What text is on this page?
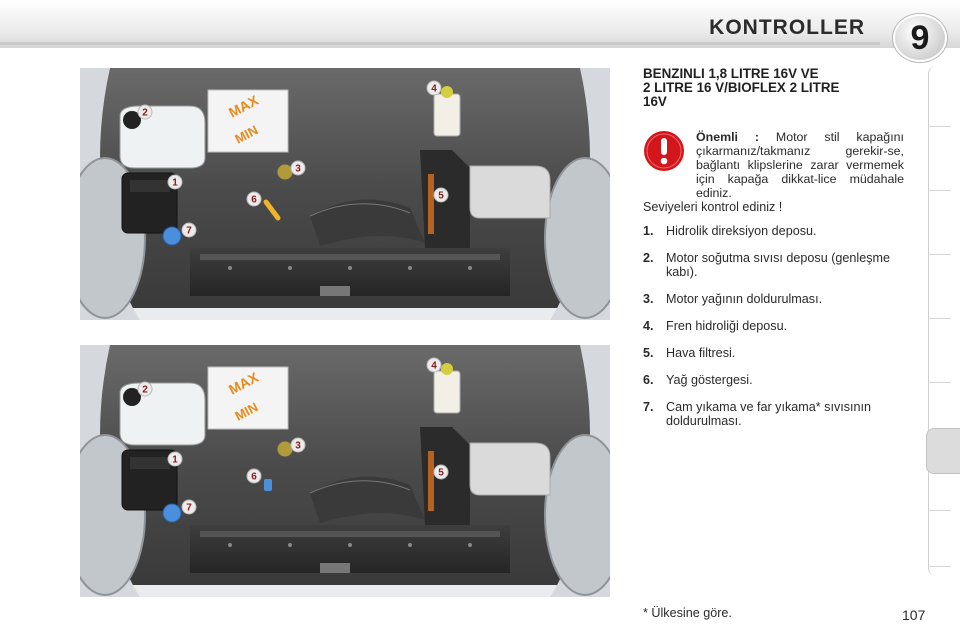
KONTROLLER	9
MAX
MIN
1
2
3
4
5
6
7
MAX
MIN
1
2
3
4
5
6
7
BENZINLI 1,8 LITRE 16V VE
2 LITRE 16 V/BIOFLEX 2 LITRE
16V
Önemli : Motor stil kapağını çıkarmanız/takmanız gerekir-se, bağlantı klipslerine zarar vermemek için kapağa dikkat-lice müdahale ediniz.
Seviyeleri kontrol ediniz !
1. Hidrolik direksiyon deposu.
2. Motor soğutma sıvısı deposu (genleşme kabı).
3. Motor yağının doldurulması.
4. Fren hidroliği deposu.
5. Hava filtresi.
6. Yağ göstergesi.
7. Cam yıkama ve far yıkama* sıvısının doldurulması.
* Ülkesine göre.	107
